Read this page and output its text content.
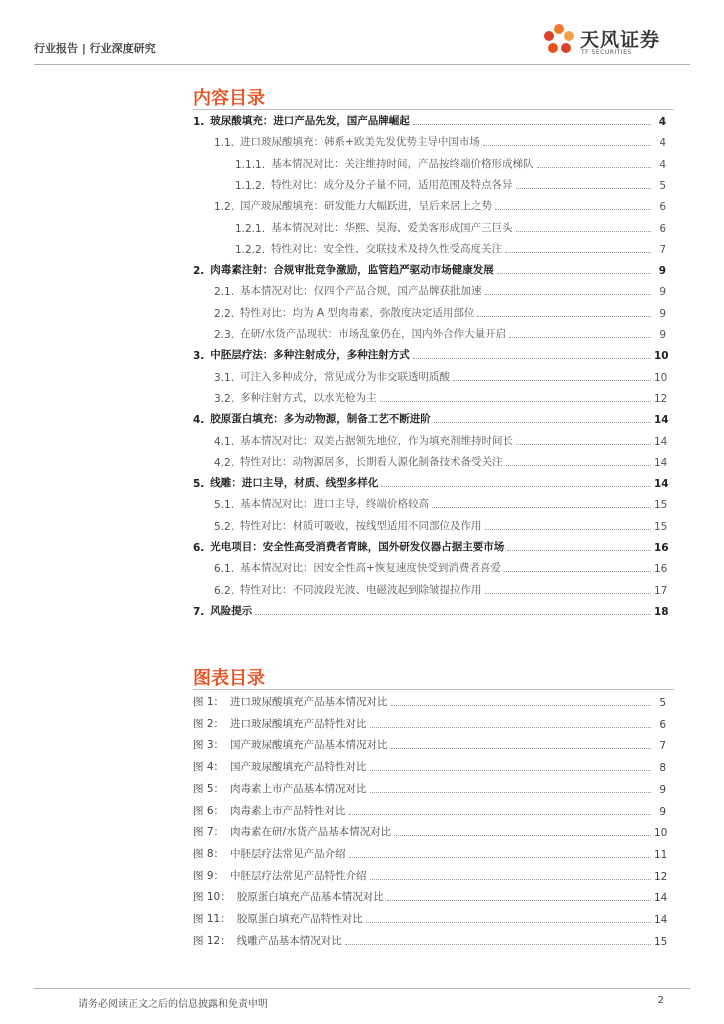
行业报告 | 行业深度研究	天风证券
TF SECURITIES
内容目录
1. 玻尿酸填充：进口产品先发，国产品牌崛起	4
1.1. 进口玻尿酸填充：韩系+欧美先发优势主导中国市场	4
1.1.1. 基本情况对比：关注维持时间，产品按终端价格形成梯队	4
1.1.2. 特性对比：成分及分子量不同，适用范围及特点各异	5
1.2. 国产玻尿酸填充：研发能力大幅跃进，呈后来居上之势	6
1.2.1. 基本情况对比：华熙、昊海、爱美客形成国产三巨头	6
1.2.2. 特性对比：安全性、交联技术及持久性受高度关注	7
2. 肉毒素注射：合规审批竞争激励，监管趋严驱动市场健康发展	9
2.1. 基本情况对比：仅四个产品合规，国产品牌获批加速	9
2.2. 特性对比：均为 A 型肉毒素，弥散度决定适用部位	9
2.3. 在研/水货产品现状：市场乱象仍在，国内外合作大量开启	9
3. 中胚层疗法：多种注射成分，多种注射方式	10
3.1. 可注入多种成分，常见成分为非交联透明质酸	10
3.2. 多种注射方式，以水光枪为主	12
4. 胶原蛋白填充：多为动物源，制备工艺不断进阶	14
4.1. 基本情况对比：双美占据领先地位，作为填充剂维持时间长	14
4.2. 特性对比：动物源居多，长期看人源化制备技术备受关注	14
5. 线雕：进口主导，材质、线型多样化	14
5.1. 基本情况对比：进口主导，终端价格较高	15
5.2. 特性对比：材质可吸收，按线型适用不同部位及作用	15
6. 光电项目：安全性高受消费者青睐，国外研发仪器占据主要市场	16
6.1. 基本情况对比：因安全性高+恢复速度快受到消费者喜爱	16
6.2. 特性对比：不同波段光波、电磁波起到除皱提拉作用	17
7. 风险提示	18
图表目录
图 1： 进口玻尿酸填充产品基本情况对比	5
图 2： 进口玻尿酸填充产品特性对比	6
图 3： 国产玻尿酸填充产品基本情况对比	7
图 4： 国产玻尿酸填充产品特性对比	8
图 5： 肉毒素上市产品基本情况对比	9
图 6： 肉毒素上市产品特性对比	9
图 7： 肉毒素在研/水货产品基本情况对比	10
图 8： 中胚层疗法常见产品介绍	11
图 9： 中胚层疗法常见产品特性介绍	12
图 10： 胶原蛋白填充产品基本情况对比	14
图 11： 胶原蛋白填充产品特性对比	14
图 12： 线雕产品基本情况对比	15
请务必阅读正文之后的信息披露和免责申明	2
